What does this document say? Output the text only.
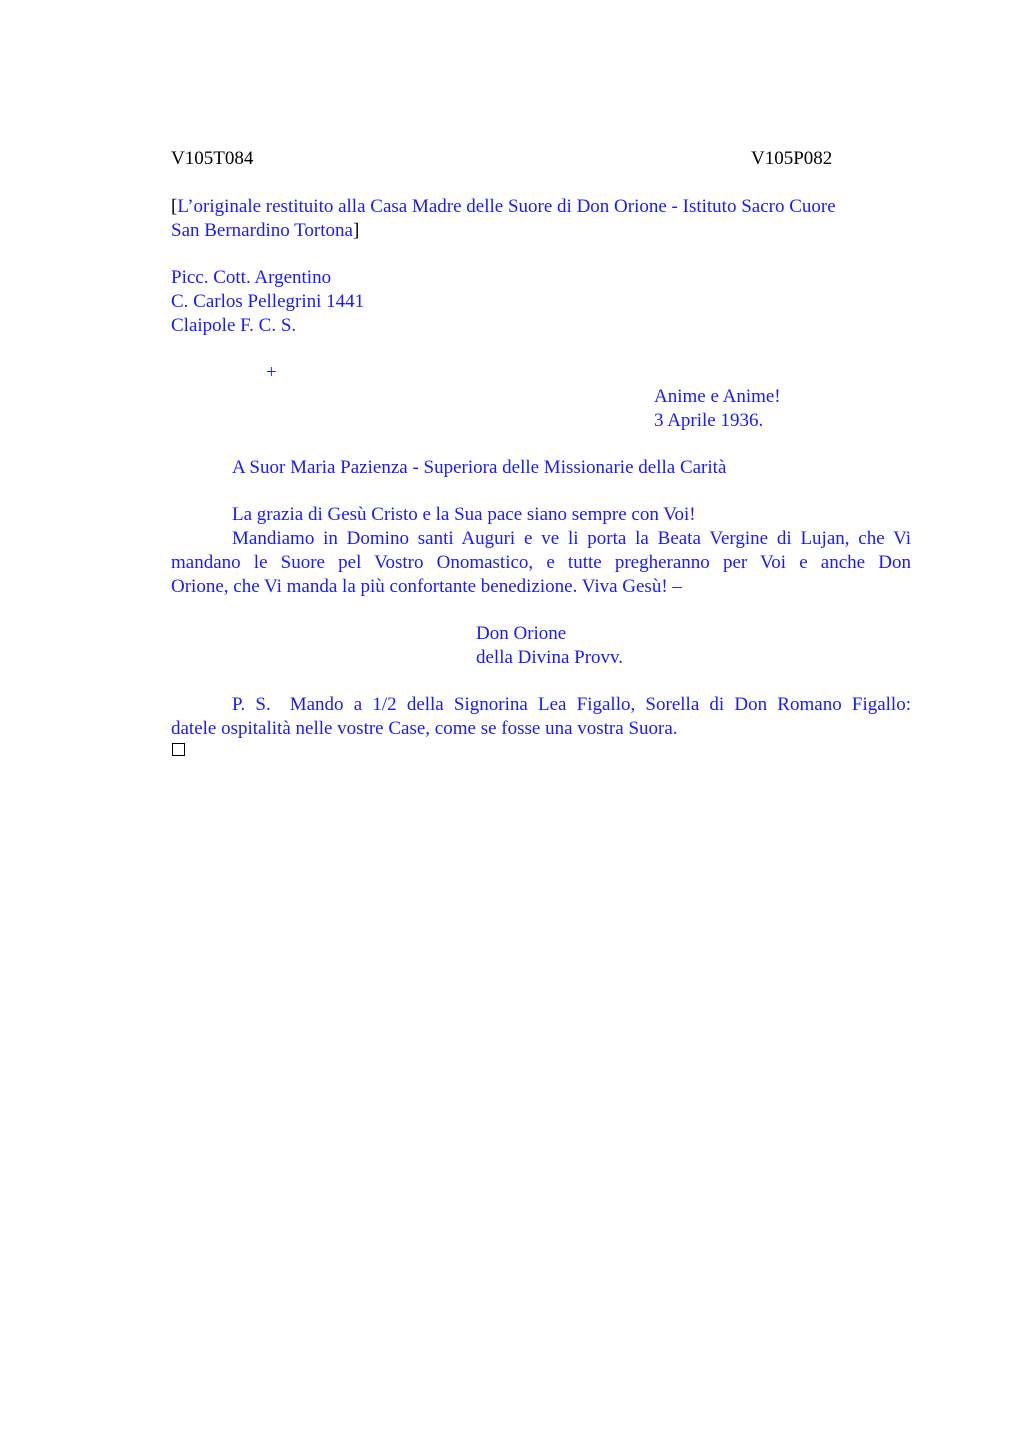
V105T084	V105P082
[L’originale restituito alla Casa Madre delle Suore di Don Orione - Istituto Sacro Cuore
San Bernardino Tortona]
Picc. Cott. Argentino
C. Carlos Pellegrini 1441
Claipole F. C. S.
+
Anime e Anime!
3 Aprile 1936.
A Suor Maria Pazienza - Superiora delle Missionarie della Carità
La grazia di Gesù Cristo e la Sua pace siano sempre con Voi!
Mandiamo in Domino santi Auguri e ve li porta la Beata Vergine di Lujan, che Vi
mandano le Suore pel Vostro Onomastico, e tutte pregheranno per Voi e anche Don
Orione, che Vi manda la più confortante benedizione. Viva Gesù! –
Don Orione
della Divina Provv.
P. S. Mando a 1/2 della Signorina Lea Figallo, Sorella di Don Romano Figallo:
datele ospitalità nelle vostre Case, come se fosse una vostra Suora.
